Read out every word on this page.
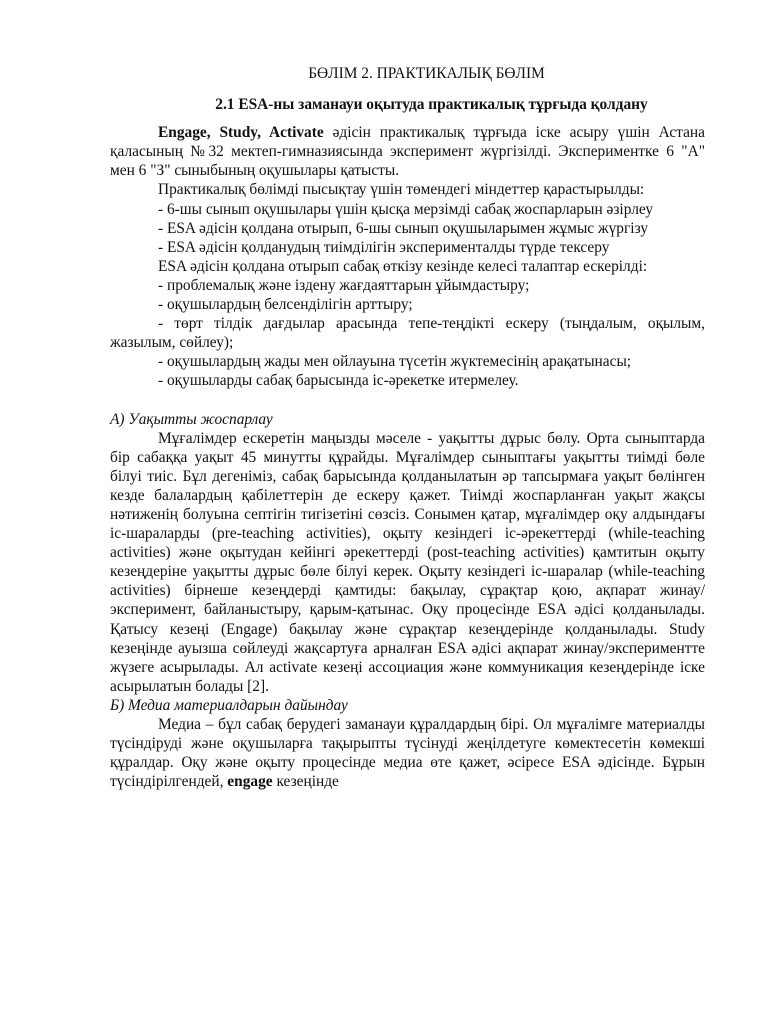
БӨЛІМ 2. ПРАКТИКАЛЫҚ БӨЛІМ

2.1 ESA-ны заманауи оқытуда практикалық тұрғыда қолдану

Engage, Study, Activate әдісін практикалық тұрғыда іске асыру үшін Астана қаласының №32 мектеп-гимназиясында эксперимент жүргізілді. Экспериментке 6 "А" мен 6 "З" сыныбының оқушылары қатысты.

Практикалық бөлімді пысықтау үшін төмендегі міндеттер қарастырылды:

- 6-шы сынып оқушылары үшін қысқа мерзімді сабақ жоспарларын әзірлеу

- ESA әдісін қолдана отырып, 6-шы сынып оқушыларымен жұмыс жүргізу

- ESA әдісін қолданудың тиімділігін эксперименталды түрде тексеру

ESA әдісін қолдана отырып сабақ өткізу кезінде келесі талаптар ескерілді:

- проблемалық және іздену жағдаяттарын ұйымдастыру;

- оқушылардың белсенділігін арттыру;

- төрт тілдік дағдылар арасында тепе-теңдікті ескеру (тыңдалым, оқылым, жазылым, сөйлеу);

- оқушылардың жады мен ойлауына түсетін жүктемесінің арақатынасы;

- оқушыларды сабақ барысында іс-әрекетке итермелеу.

А) Уақытты жоспарлау

Мұғалімдер ескеретін маңызды мәселе - уақытты дұрыс бөлу. Орта сыныптарда бір сабаққа уақыт 45 минутты құрайды. Мұғалімдер сыныптағы уақытты тиімді бөле білуі тиіс. Бұл дегеніміз, сабақ барысында қолданылатын әр тапсырмаға уақыт бөлінген кезде балалардың қабілеттерін де ескеру қажет. Тиімді жоспарланған уақыт жақсы нәтиженің болуына септігін тигізетіні сөзсіз. Сонымен қатар, мұғалімдер оқу алдындағы іс-шараларды (pre-teaching activities), оқыту кезіндегі іс-әрекеттерді (while-teaching activities) және оқытудан кейінгі әрекеттерді (post-teaching activities) қамтитын оқыту кезеңдеріне уақытты дұрыс бөле білуі керек. Оқыту кезіндегі іс-шаралар (while-teaching activities) бірнеше кезеңдерді қамтиды: бақылау, сұрақтар қою, ақпарат жинау/эксперимент, байланыстыру, қарым-қатынас. Оқу процесінде ESA әдісі қолданылады. Қатысу кезеңі (Engage) бақылау және сұрақтар кезеңдерінде қолданылады. Study кезеңінде ауызша сөйлеуді жақсартуға арналған ESA әдісі ақпарат жинау/экспериментте жүзеге асырылады. Ал activate кезеңі ассоциация және коммуникация кезеңдерінде іске асырылатын болады [2].

Б) Медиа материалдарын дайындау

Медиа – бұл сабақ берудегі заманауи құралдардың бірі. Ол мұғалімге материалды түсіндіруді және оқушыларға тақырыпты түсінуді жеңілдетуге көмектесетін көмекші құралдар. Оқу және оқыту процесінде медиа өте қажет, әсіресе ESA әдісінде. Бұрын түсіндірілгендей, engage кезеңінде
